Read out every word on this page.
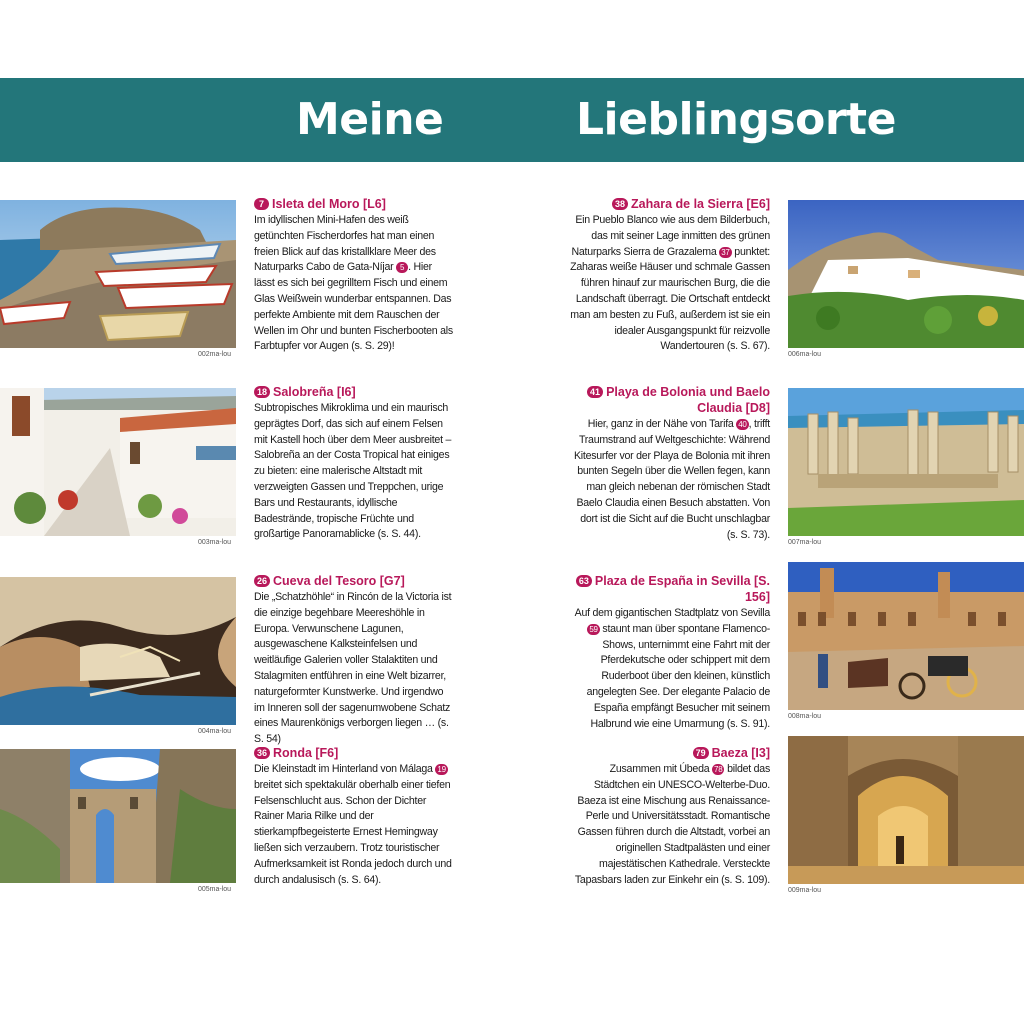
Meine	Lieblingsorte
002ma-lou
003ma-lou
004ma-lou
005ma-lou
006ma-lou
007ma-lou
008ma-lou
009ma-lou
7 Isleta del Moro [L6]
Im idyllischen Mini-Hafen des weiß getünchten Fischerdorfes hat man einen freien Blick auf das kristallklare Meer des Naturparks Cabo de Gata-Níjar 5 . Hier lässt es sich bei gegrilltem Fisch und einem Glas Weißwein wunderbar entspannen. Das perfekte Ambiente mit dem Rauschen der Wellen im Ohr und bunten Fischerbooten als Farbtupfer vor Augen (s. S. 29)!
18 Salobreña [I6]
Subtropisches Mikroklima und ein maurisch geprägtes Dorf, das sich auf einem Felsen mit Kastell hoch über dem Meer ausbreitet – Salobreña an der Costa Tropical hat einiges zu bieten: eine malerische Altstadt mit verzweigten Gassen und Treppchen, urige Bars und Restaurants, idyllische Badestrände, tropische Früchte und großartige Panoramablicke (s. S. 44).
26 Cueva del Tesoro [G7]
Die „Schatzhöhle“ in Rincón de la Victoria ist die einzige begehbare Meereshöhle in Europa. Verwunschene Lagunen, ausgewaschene Kalksteinfelsen und weitläufige Galerien voller Stalaktiten und Stalagmiten entführen in eine Welt bizarrer, naturgeformter Kunstwerke. Und irgendwo im Inneren soll der sagenumwobene Schatz eines Maurenkönigs verborgen liegen … (s. S. 54)
36 Ronda [F6]
Die Kleinstadt im Hinterland von Málaga 19 breitet sich spektakulär oberhalb einer tiefen Felsenschlucht aus. Schon der Dichter Rainer Maria Rilke und der stierkampfbegeisterte Ernest Hemingway ließen sich verzaubern. Trotz touristischer Aufmerksamkeit ist Ronda jedoch durch und durch andalusisch (s. S. 64).
38 Zahara de la Sierra [E6]
Ein Pueblo Blanco wie aus dem Bilderbuch, das mit seiner Lage inmitten des grünen Naturparks Sierra de Grazalema 37 punktet: Zaharas weiße Häuser und schmale Gassen führen hinauf zur maurischen Burg, die die Landschaft überragt. Die Ortschaft entdeckt man am besten zu Fuß, außerdem ist sie ein idealer Ausgangspunkt für reizvolle Wandertouren (s. S. 67).
41 Playa de Bolonia und Baelo Claudia [D8]
Hier, ganz in der Nähe von Tarifa 40 , trifft Traumstrand auf Weltgeschichte: Während Kitesurfer vor der Playa de Bolonia mit ihren bunten Segeln über die Wellen fegen, kann man gleich nebenan der römischen Stadt Baelo Claudia einen Besuch abstatten. Von dort ist die Sicht auf die Bucht unschlagbar (s. S. 73).
63 Plaza de España in Sevilla [S. 156]
Auf dem gigantischen Stadtplatz von Sevilla 59 staunt man über spontane Flamenco-Shows, unternimmt eine Fahrt mit der Pferdekutsche oder schippert mit dem Ruderboot über den kleinen, künstlich angelegten See. Der elegante Palacio de España empfängt Besucher mit seinem Halbrund wie eine Umarmung (s. S. 91).
79 Baeza [I3]
Zusammen mit Úbeda 78 bildet das Städtchen ein UNESCO-Welterbe-Duo. Baeza ist eine Mischung aus Renaissance-Perle und Universitätsstadt. Romantische Gassen führen durch die Altstadt, vorbei an originellen Stadtpalästen und einer majestätischen Kathedrale. Versteckte Tapasbars laden zur Einkehr ein (s. S. 109).
